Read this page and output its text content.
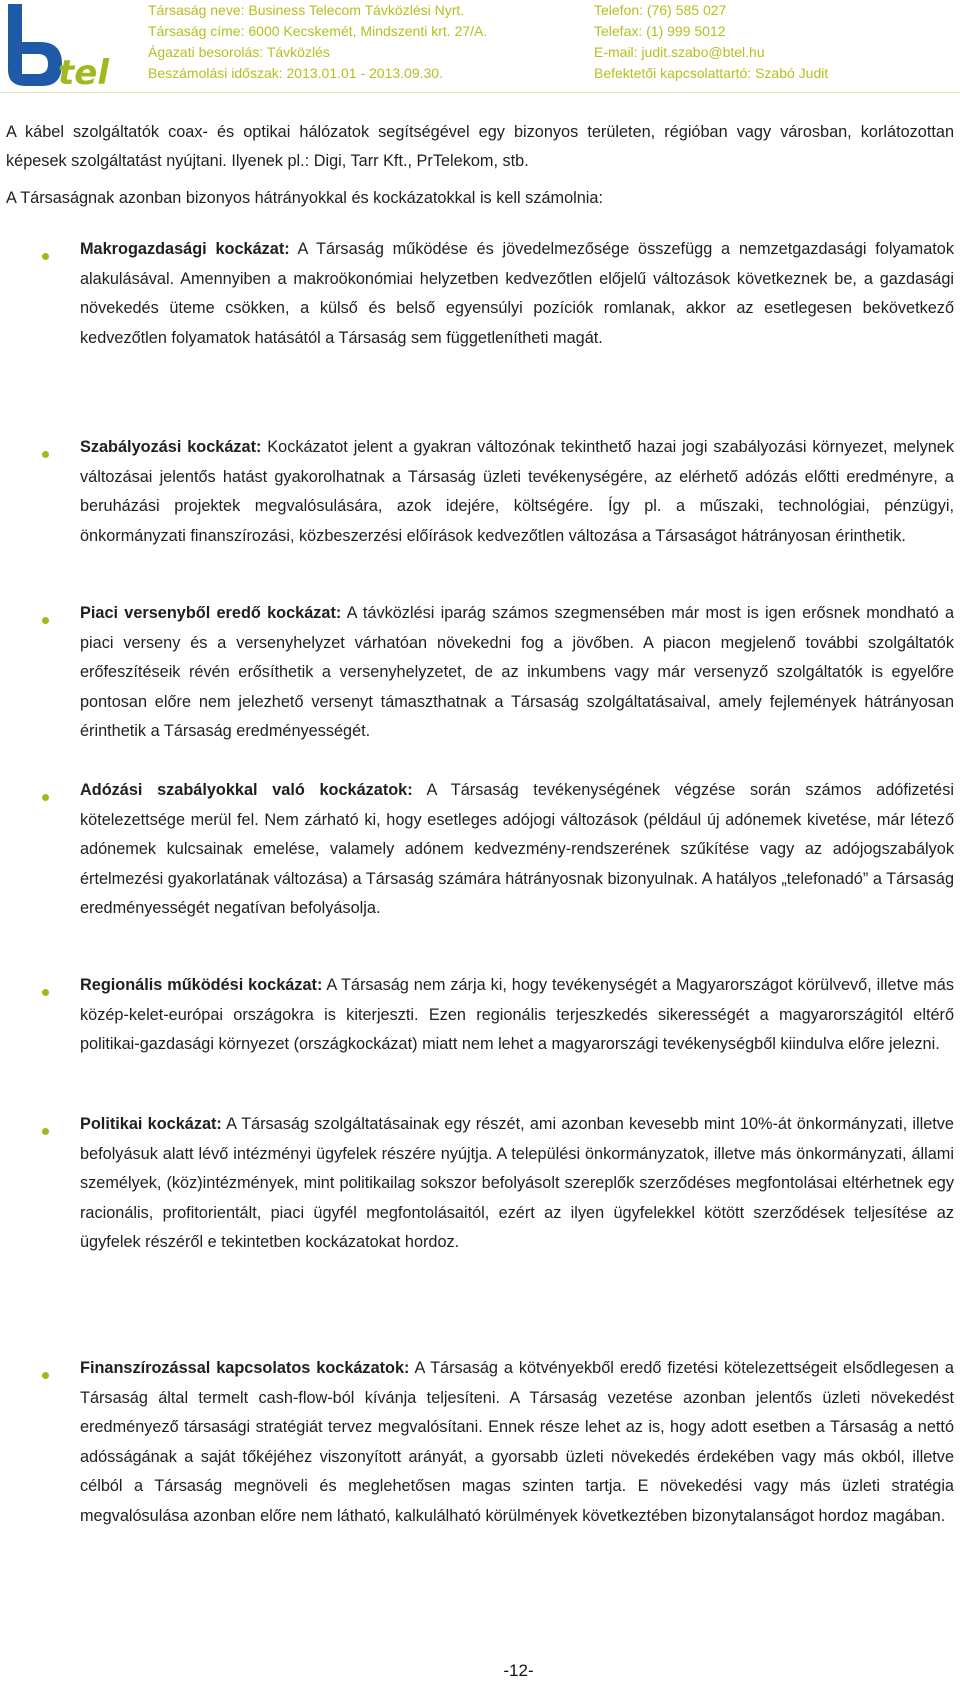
tel
Társaság neve: Business Telecom Távközlési Nyrt.
Társaság címe: 6000 Kecskemét, Mindszenti krt. 27/A.
Ágazati besorolás: Távközlés
Beszámolási időszak: 2013.01.01 - 2013.09.30.
Telefon: (76) 585 027
Telefax: (1) 999 5012
E-mail: judit.szabo@btel.hu
Befektetői kapcsolattartó: Szabó Judit
A kábel szolgáltatók coax- és optikai hálózatok segítségével egy bizonyos területen, régióban vagy városban, korlátozottan képesek szolgáltatást nyújtani. Ilyenek pl.: Digi, Tarr Kft., PrTelekom, stb.
A Társaságnak azonban bizonyos hátrányokkal és kockázatokkal is kell számolnia:
Makrogazdasági kockázat: A Társaság működése és jövedelmezősége összefügg a nemzetgazdasági folyamatok alakulásával. Amennyiben a makroökonómiai helyzetben kedvezőtlen előjelű változások következnek be, a gazdasági növekedés üteme csökken, a külső és belső egyensúlyi pozíciók romlanak, akkor az esetlegesen bekövetkező kedvezőtlen folyamatok hatásától a Társaság sem függetlenítheti magát.
Szabályozási kockázat: Kockázatot jelent a gyakran változónak tekinthető hazai jogi szabályozási környezet, melynek változásai jelentős hatást gyakorolhatnak a Társaság üzleti tevékenységére, az elérhető adózás előtti eredményre, a beruházási projektek megvalósulására, azok idejére, költségére. Így pl. a műszaki, technológiai, pénzügyi, önkormányzati finanszírozási, közbeszerzési előírások kedvezőtlen változása a Társaságot hátrányosan érinthetik.
Piaci versenyből eredő kockázat: A távközlési iparág számos szegmensében már most is igen erősnek mondható a piaci verseny és a versenyhelyzet várhatóan növekedni fog a jövőben. A piacon megjelenő további szolgáltatók erőfeszítéseik révén erősíthetik a versenyhelyzetet, de az inkumbens vagy már versenyző szolgáltatók is egyelőre pontosan előre nem jelezhető versenyt támaszthatnak a Társaság szolgáltatásaival, amely fejlemények hátrányosan érinthetik a Társaság eredményességét.
Adózási szabályokkal való kockázatok: A Társaság tevékenységének végzése során számos adófizetési kötelezettsége merül fel. Nem zárható ki, hogy esetleges adójogi változások (például új adónemek kivetése, már létező adónemek kulcsainak emelése, valamely adónem kedvezmény-rendszerének szűkítése vagy az adójogszabályok értelmezési gyakorlatának változása) a Társaság számára hátrányosnak bizonyulnak. A hatályos „telefonadó” a Társaság eredményességét negatívan befolyásolja.
Regionális működési kockázat: A Társaság nem zárja ki, hogy tevékenységét a Magyarországot körülvevő, illetve más közép-kelet-európai országokra is kiterjeszti. Ezen regionális terjeszkedés sikerességét a magyarországitól eltérő politikai-gazdasági környezet (országkockázat) miatt nem lehet a magyarországi tevékenységből kiindulva előre jelezni.
Politikai kockázat: A Társaság szolgáltatásainak egy részét, ami azonban kevesebb mint 10%-át önkormányzati, illetve befolyásuk alatt lévő intézményi ügyfelek részére nyújtja. A települési önkormányzatok, illetve más önkormányzati, állami személyek, (köz)intézmények, mint politikailag sokszor befolyásolt szereplők szerződéses megfontolásai eltérhetnek egy racionális, profitorientált, piaci ügyfél megfontolásaitól, ezért az ilyen ügyfelekkel kötött szerződések teljesítése az ügyfelek részéről e tekintetben kockázatokat hordoz.
Finanszírozással kapcsolatos kockázatok: A Társaság a kötvényekből eredő fizetési kötelezettségeit elsődlegesen a Társaság által termelt cash-flow-ból kívánja teljesíteni. A Társaság vezetése azonban jelentős üzleti növekedést eredményező társasági stratégiát tervez megvalósítani. Ennek része lehet az is, hogy adott esetben a Társaság a nettó adósságának a saját tőkéjéhez viszonyított arányát, a gyorsabb üzleti növekedés érdekében vagy más okból, illetve célból a Társaság megnöveli és meglehetősen magas szinten tartja. E növekedési vagy más üzleti stratégia megvalósulása azonban előre nem látható, kalkulálható körülmények következtében bizonytalanságot hordoz magában.
-12-
